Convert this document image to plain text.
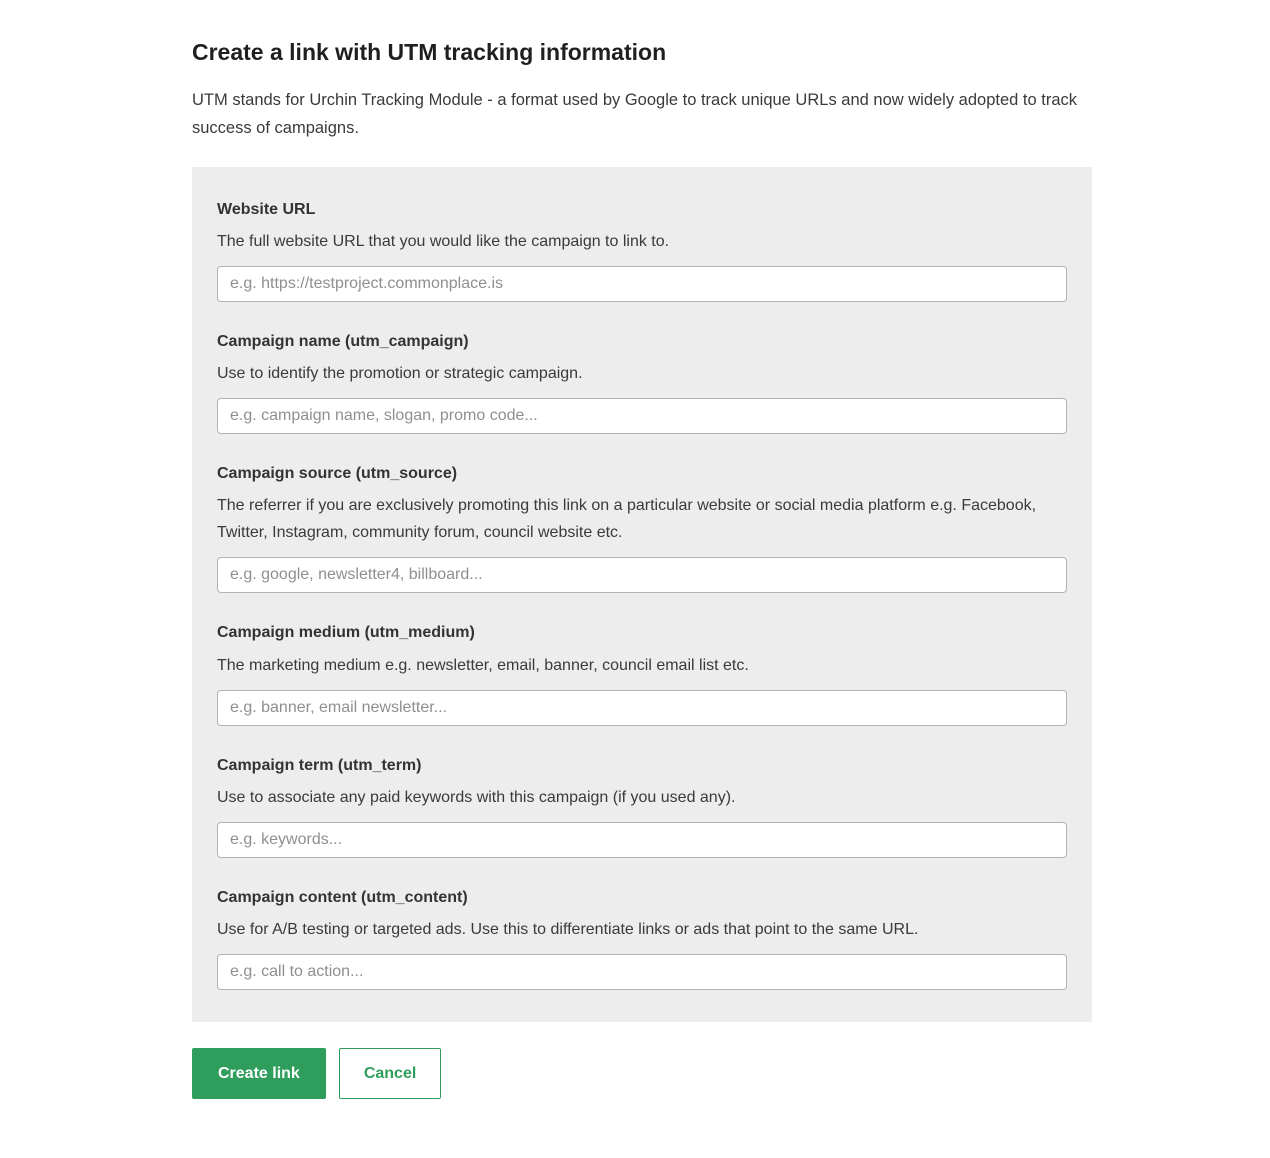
Create a link with UTM tracking information

UTM stands for Urchin Tracking Module - a format used by Google to track unique URLs and now widely adopted to track success of campaigns.

Website URL

The full website URL that you would like the campaign to link to.

e.g. https://testproject.commonplace.is
Campaign name (utm_campaign)

Use to identify the promotion or strategic campaign.

e.g. campaign name, slogan, promo code...
Campaign source (utm_source)

The referrer if you are exclusively promoting this link on a particular website or social media platform e.g. Facebook, Twitter, Instagram, community forum, council website etc.

e.g. google, newsletter4, billboard...
Campaign medium (utm_medium)

The marketing medium e.g. newsletter, email, banner, council email list etc.

e.g. banner, email newsletter...
Campaign term (utm_term)

Use to associate any paid keywords with this campaign (if you used any).

e.g. keywords...
Campaign content (utm_content)

Use for A/B testing or targeted ads. Use this to differentiate links or ads that point to the same URL.

e.g. call to action...
Create link	Cancel
